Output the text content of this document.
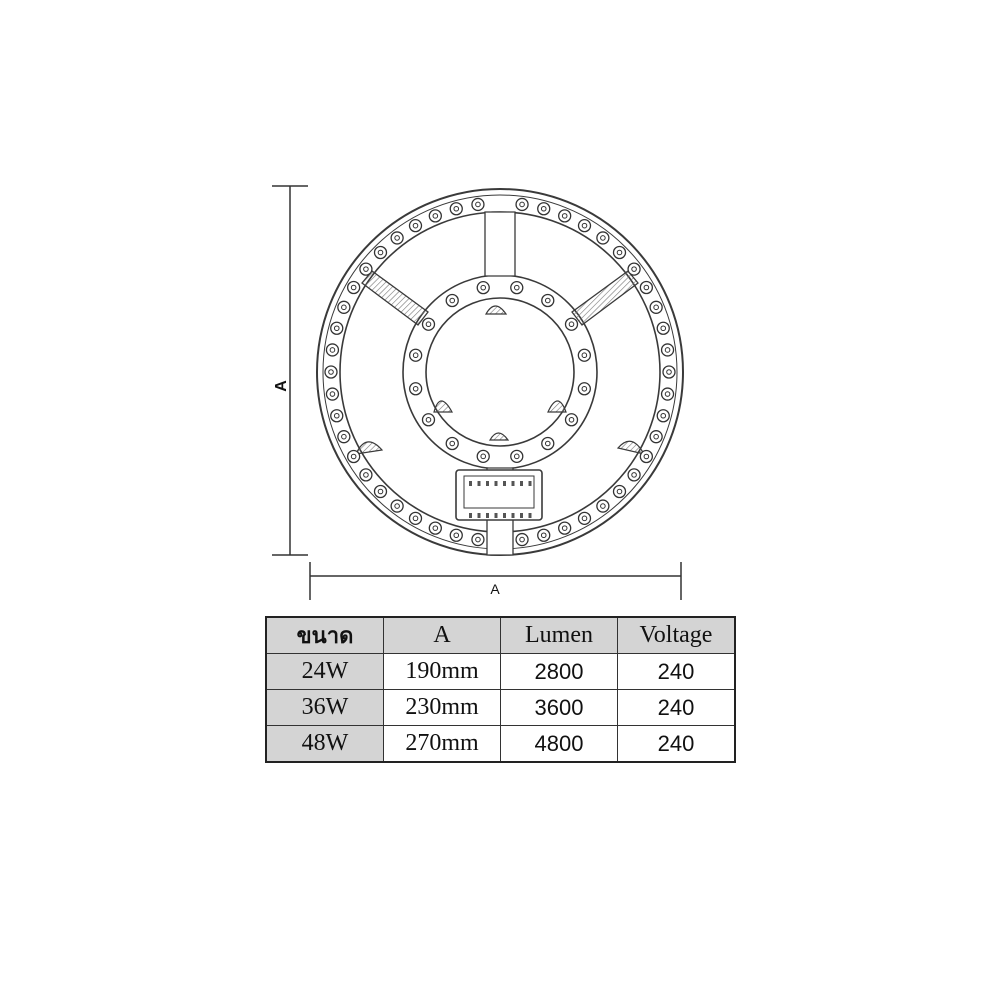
A
A
ขนาด	A	Lumen	Voltage
24W	190mm	2800	240
36W	230mm	3600	240
48W	270mm	4800	240
